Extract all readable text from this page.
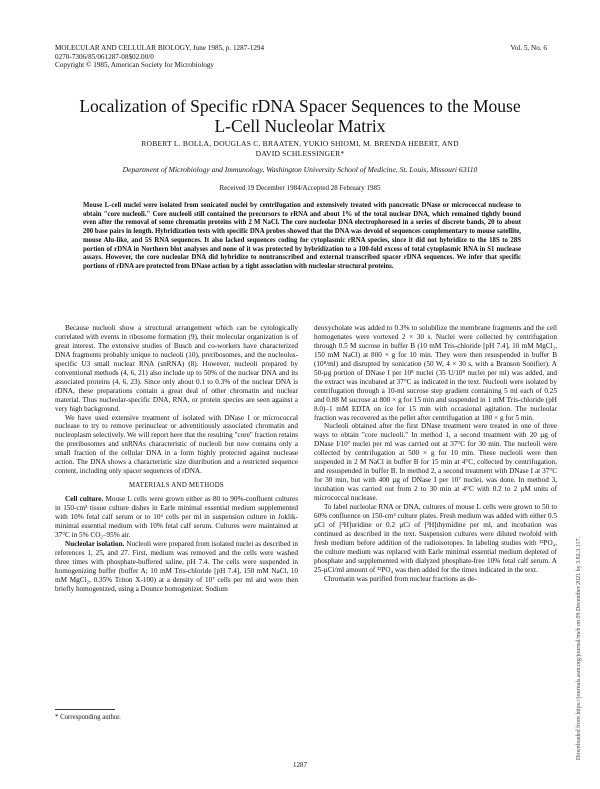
MOLECULAR AND CELLULAR BIOLOGY, June 1985, p. 1287-1294
0270-7306/85/061287-08$02.00/0
Copyright © 1985, American Society for Microbiology
Vol. 5, No. 6
Localization of Specific rDNA Spacer Sequences to the Mouse
L-Cell Nucleolar Matrix
ROBERT L. BOLLA, DOUGLAS C. BRAATEN, YUKIO SHIOMI, M. BRENDA HEBERT, AND
DAVID SCHLESSINGER*
Department of Microbiology and Immunology, Washington University School of Medicine, St. Louis, Missouri 63110
Received 19 December 1984/Accepted 28 February 1985
Mouse L-cell nuclei were isolated from sonicated nuclei by centrifugation and extensively treated with pancreatic DNase or micrococcal nuclease to obtain "core nucleoli." Core nucleoli still contained the precursors to rRNA and about 1% of the total nuclear DNA, which remained tightly bound even after the removal of some chromatin proteins with 2 M NaCl. The core nucleolar DNA electrophoresed in a series of discrete bands, 20 to about 200 base pairs in length. Hybridization tests with specific DNA probes showed that the DNA was devoid of sequences complementary to mouse satellite, mouse Alu-like, and 5S RNA sequences. It also lacked sequences coding for cytoplasmic rRNA species, since it did not hybridize to the 18S to 28S portion of rDNA in Northern blot analyses and none of it was protected by hybridization to a 100-fold excess of total cytoplasmic RNA in S1 nuclease assays. However, the core nucleolar DNA did hybridize to nontranscribed and external transcribed spacer rDNA sequences. We infer that specific portions of rDNA are protected from DNase action by a tight association with nucleolar structural proteins.

Because nucleoli show a structural arrangement which can be cytologically correlated with events in ribosome formation (9), their molecular organization is of great interest. The extensive studies of Busch and co-workers have characterized DNA fragments probably unique to nucleoli (10), preribosomes, and the nucleolus-specific U3 small nuclear RNA (snRNA) (8). However, nucleoli prepared by conventional methods (4, 6, 21) also include up to 50% of the nuclear DNA and its associated proteins (4, 6, 23). Since only about 0.1 to 0.3% of the nuclear DNA is rDNA, these preparations contain a great deal of other chromatin and nuclear material. Thus nucleolar-specific DNA, RNA, or protein species are seen against a very high background.

We have used extensive treatment of isolated with DNase I or micrococcal nuclease to try to remove perinuclear or adventitiously associated chromatin and nucleoplasm selectively. We will report here that the resulting "core" fraction retains the preribosomes and snRNAs characteristic of nucleoli but now contains only a small fraction of the cellular DNA in a form highly protected against nuclease action. The DNA shows a characteristic size distribution and a restricted sequence content, including only spacer sequences of rDNA.

MATERIALS AND METHODS

Cell culture. Mouse L cells were grown either as 80 to 90%-confluent cultures in 150-cm² tissue culture dishes in Earle minimal essential medium supplemented with 10% fetal calf serum or to 10⁶ cells per ml in suspension culture in Joklik-minimal essential medium with 10% fetal calf serum. Cultures were maintained at 37°C in 5% CO₂–95% air.

Nucleolar isolation. Nucleoli were prepared from isolated nuclei as described in references 1, 25, and 27. First, medium was removed and the cells were washed three times with phosphate-buffered saline, pH 7.4. The cells were suspended in homogenizing buffer (buffer A; 10 mM Tris-chloride [pH 7.4], 150 mM NaCl, 10 mM MgCl₂, 0.35% Triton X-100) at a density of 10⁷ cells per ml and were then briefly homogenized, using a Dounce homogenizer. Sodium

deoxycholate was added to 0.3% to solubilize the membrane fragments and the cell homogenates were vortexed 2 × 30 s. Nuclei were collected by centrifugation through 0.5 M sucrose in buffer B (10 mM Tris-chloride [pH 7.4], 10 mM MgCl₂, 150 mM NaCl) at 800 × g for 10 min. They were then resuspended in buffer B (10⁸/ml) and disrupted by sonication (50 W, 4 × 30 s, with a Branson Sonifier). A 50-µg portion of DNase I per 10⁸ nuclei (35 U/10⁸ nuclei per ml) was added, and the extract was incubated at 37°C as indicated in the text. Nucleoli were isolated by centrifugation through a 10-ml sucrose step gradient containing 5 ml each of 0.25 and 0.88 M sucrose at 800 × g for 15 min and suspended in 1 mM Tris-chloride (pH 8.0)–1 mM EDTA on ice for 15 min with occasional agitation. The nucleolar fraction was recovered as the pellet after centrifugation at 180 × g for 5 min.

Nucleoli obtained after the first DNase treatment were treated in one of three ways to obtain "core nucleoli." In method 1, a second treatment with 20 µg of DNase I/10⁷ nuclei per ml was carried out at 37°C for 30 min. The nucleoli were collected by centrifugation at 500 × g for 10 min. These nucleoli were then suspended in 2 M NaCl in buffer B for 15 min at 4°C, collected by centrifugation, and resuspended in buffer B. In method 2, a second treatment with DNase I at 37°C for 30 min, but with 400 µg of DNase I per 10⁷ nuclei, was done. In method 3, incubation was carried out from 2 to 30 min at 4°C with 0.2 to 2 µM units of micrococcal nuclease.

To label nucleolar RNA or DNA, cultures of mouse L cells were grown to 50 to 60% confluence on 150-cm² culture plates. Fresh medium was added with either 0.5 µCi of [³H]uridine or 0.2 µCi of [³H]thymidine per ml, and incubation was continued as described in the text. Suspension cultures were diluted twofold with fresh medium before addition of the radioisotopes. In labeling studies with ³²PO₄, the culture medium was replaced with Earle minimal essential medium depleted of phosphate and supplemented with dialyzed phosphate-free 10% fetal calf serum. A 25-µCi/ml amount of ³²PO₄ was then added for the times indicated in the text.

Chromatin was purified from nuclear fractions as de-

* Corresponding author.
1287
Downloaded from https://journals.asm.org/journal/mcb on 09 December 2021 by 3.82.3.117.
